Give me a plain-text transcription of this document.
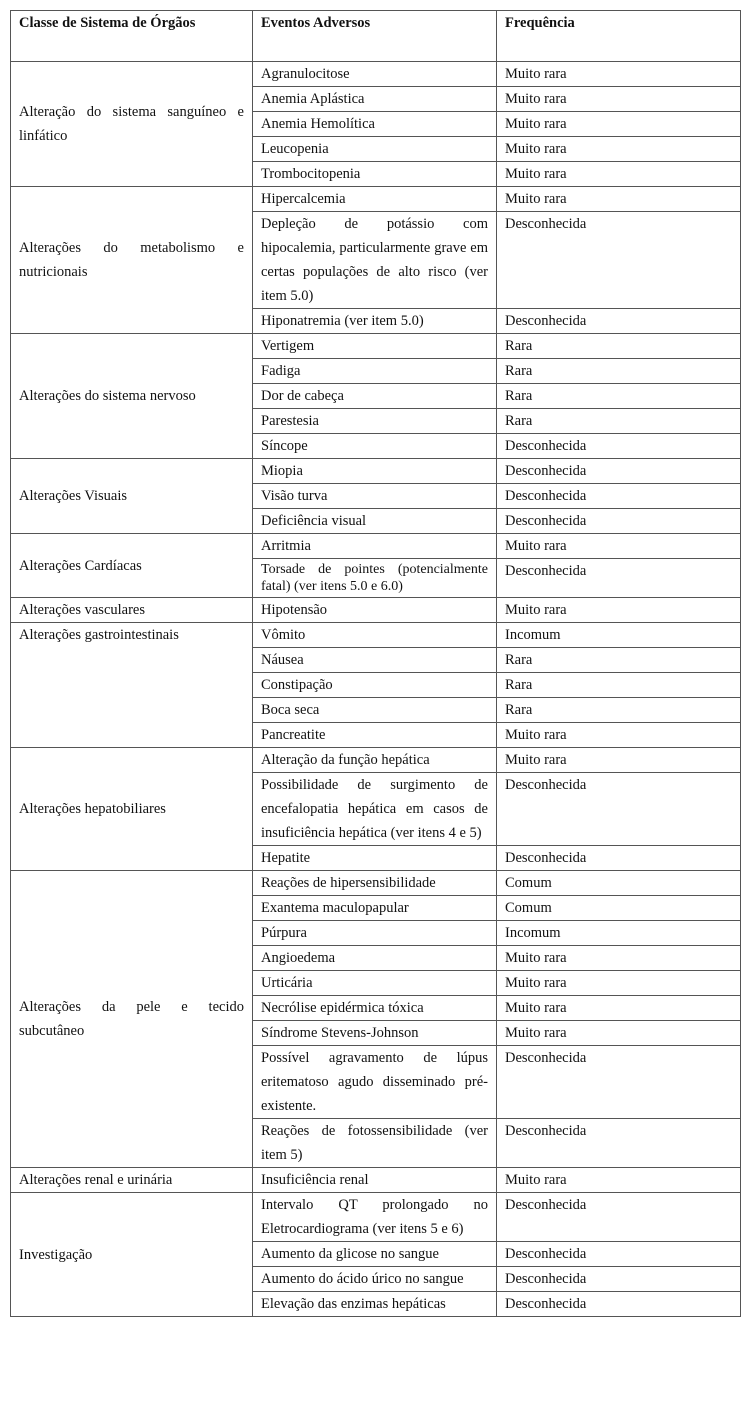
Classe de Sistema de Órgãos	Eventos Adversos	Frequência
Alteração do sistema sanguíneo e linfático	Agranulocitose	Muito rara
	Anemia Aplástica	Muito rara
	Anemia Hemolítica	Muito rara
	Leucopenia	Muito rara
	Trombocitopenia	Muito rara
Alterações do metabolismo e nutricionais	Hipercalcemia	Muito rara
	Depleção de potássio com hipocalemia, particularmente grave em certas populações de alto risco (ver item 5.0)	Desconhecida
	Hiponatremia (ver item 5.0)	Desconhecida
Alterações do sistema nervoso	Vertigem	Rara
	Fadiga	Rara
	Dor de cabeça	Rara
	Parestesia	Rara
	Síncope	Desconhecida
Alterações Visuais	Miopia	Desconhecida
	Visão turva	Desconhecida
	Deficiência visual	Desconhecida
Alterações Cardíacas	Arritmia	Muito rara
	Torsade de pointes (potencialmente fatal) (ver itens 5.0 e 6.0)	Desconhecida
Alterações vasculares	Hipotensão	Muito rara
Alterações gastrointestinais	Vômito	Incomum
	Náusea	Rara
	Constipação	Rara
	Boca seca	Rara
	Pancreatite	Muito rara
Alterações hepatobiliares	Alteração da função hepática	Muito rara
	Possibilidade de surgimento de encefalopatia hepática em casos de insuficiência hepática (ver itens 4 e 5)	Desconhecida
	Hepatite	Desconhecida
Alterações da pele e tecido subcutâneo	Reações de hipersensibilidade	Comum
	Exantema maculopapular	Comum
	Púrpura	Incomum
	Angioedema	Muito rara
	Urticária	Muito rara
	Necrólise epidérmica tóxica	Muito rara
	Síndrome Stevens-Johnson	Muito rara
	Possível agravamento de lúpus eritematoso agudo disseminado pré-existente.	Desconhecida
	Reações de fotossensibilidade (ver item 5)	Desconhecida
Alterações renal e urinária	Insuficiência renal	Muito rara
Investigação	Intervalo QT prolongado no Eletrocardiograma (ver itens 5 e 6)	Desconhecida
	Aumento da glicose no sangue	Desconhecida
	Aumento do ácido úrico no sangue	Desconhecida
	Elevação das enzimas hepáticas	Desconhecida
